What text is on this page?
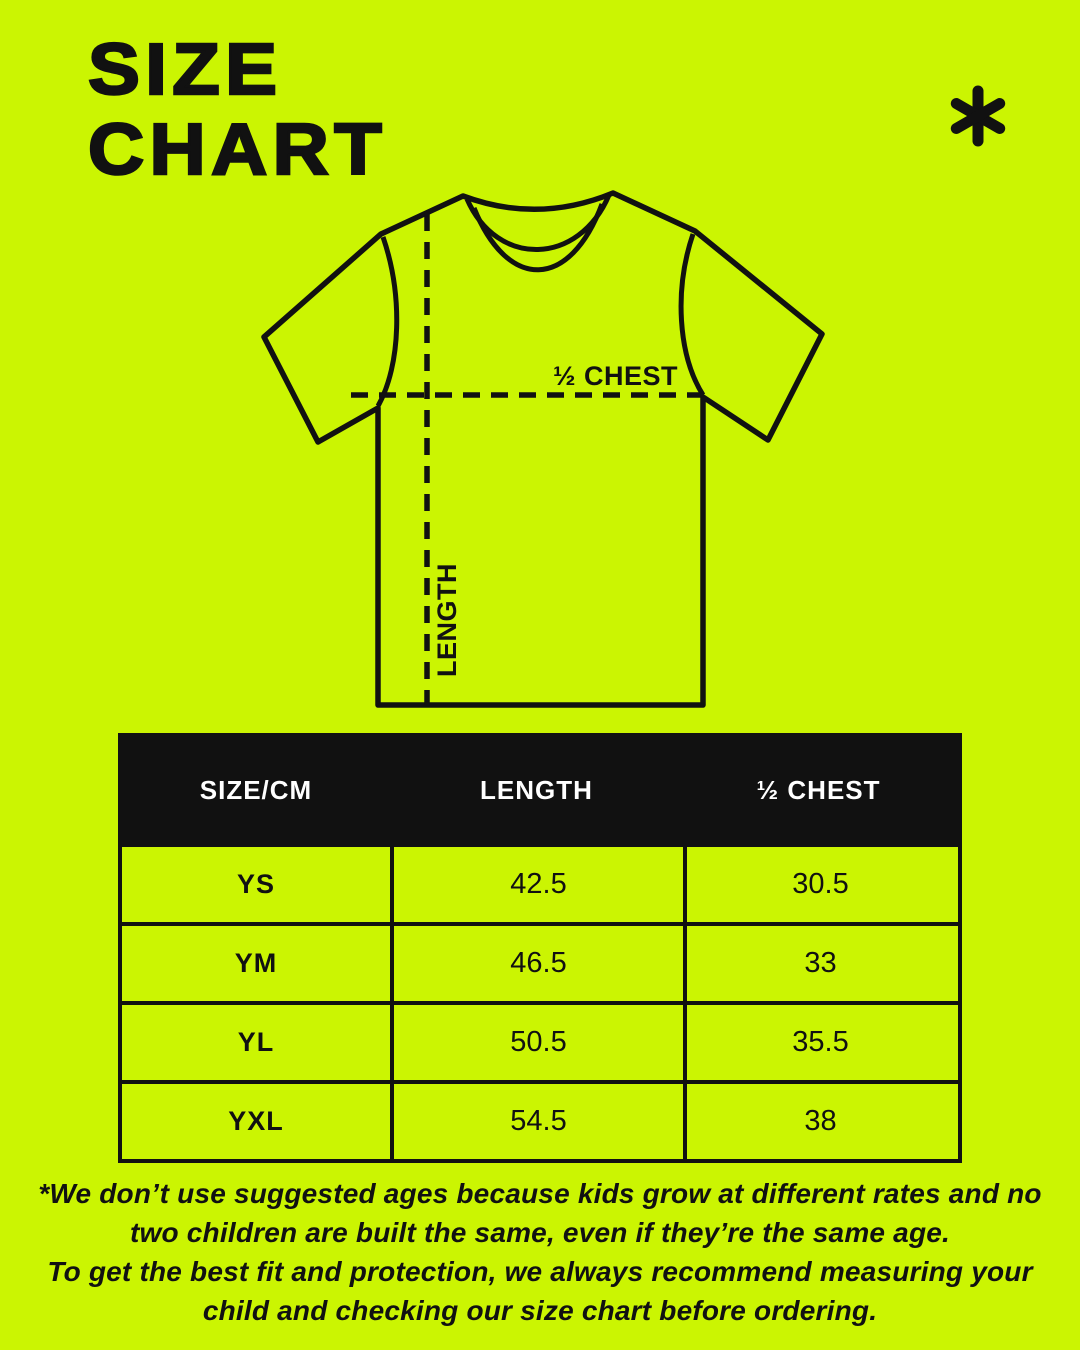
SIZE
CHART
½ CHEST
LENGTH
SIZE/CM	LENGTH	½ CHEST
YS	42.5	30.5
YM	46.5	33
YL	50.5	35.5
YXL	54.5	38

*We don’t use suggested ages because kids grow at different rates and no two children are built the same, even if they’re the same age.

To get the best fit and protection, we always recommend measuring your child and checking our size chart before ordering.
